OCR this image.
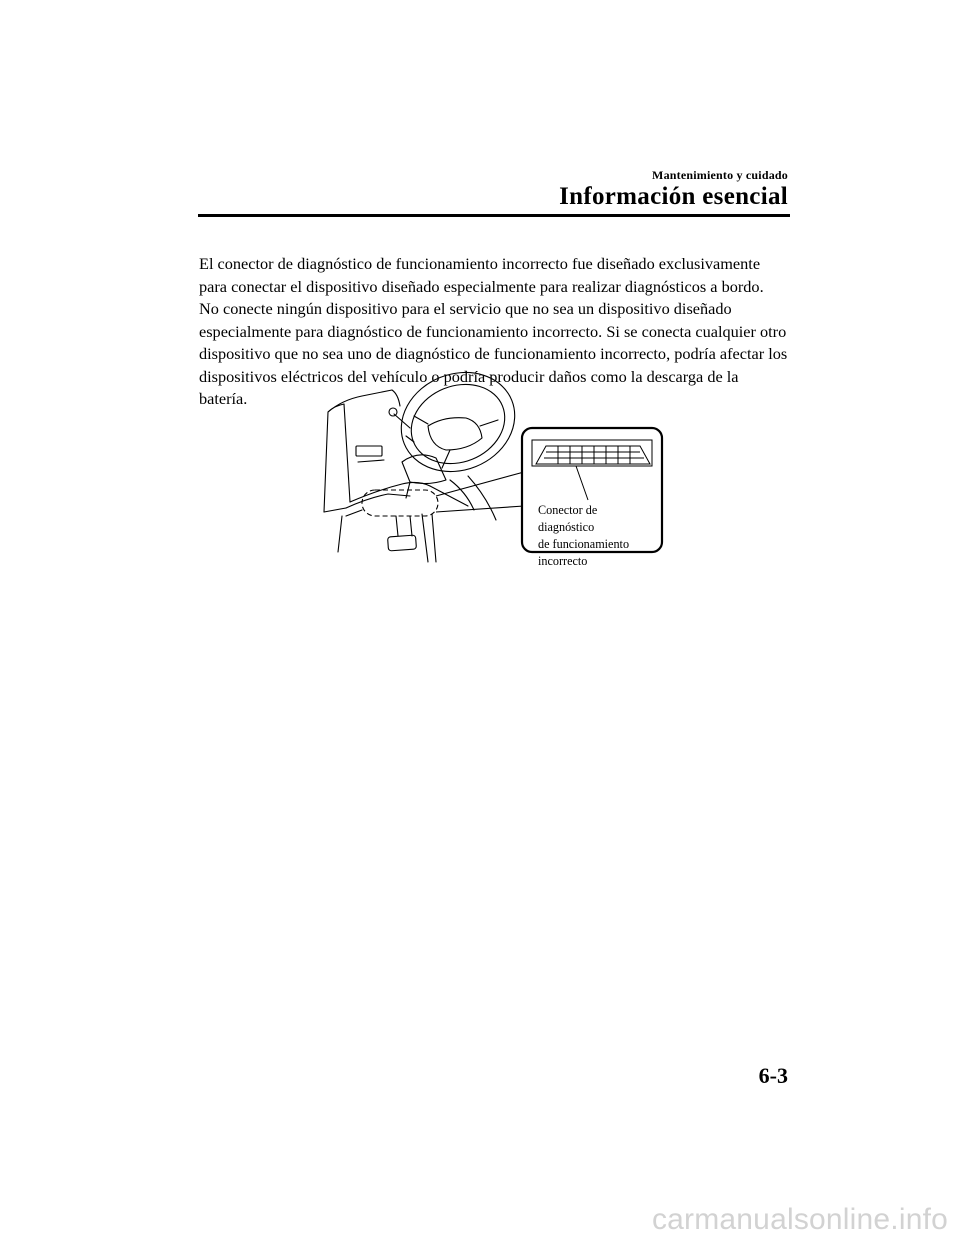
Mantenimiento y cuidado
Información esencial

El conector de diagnóstico de funcionamiento incorrecto fue diseñado exclusivamente para conectar el dispositivo diseñado especialmente para realizar diagnósticos a bordo.

No conecte ningún dispositivo para el servicio que no sea un dispositivo diseñado especialmente para diagnóstico de funcionamiento incorrecto. Si se conecta cualquier otro dispositivo que no sea uno de diagnóstico de funcionamiento incorrecto, podría afectar los dispositivos eléctricos del vehículo o podría producir daños como la descarga de la batería.

Conector de diagnóstico
de funcionamiento
incorrecto
6-3
carmanualsonline.info
